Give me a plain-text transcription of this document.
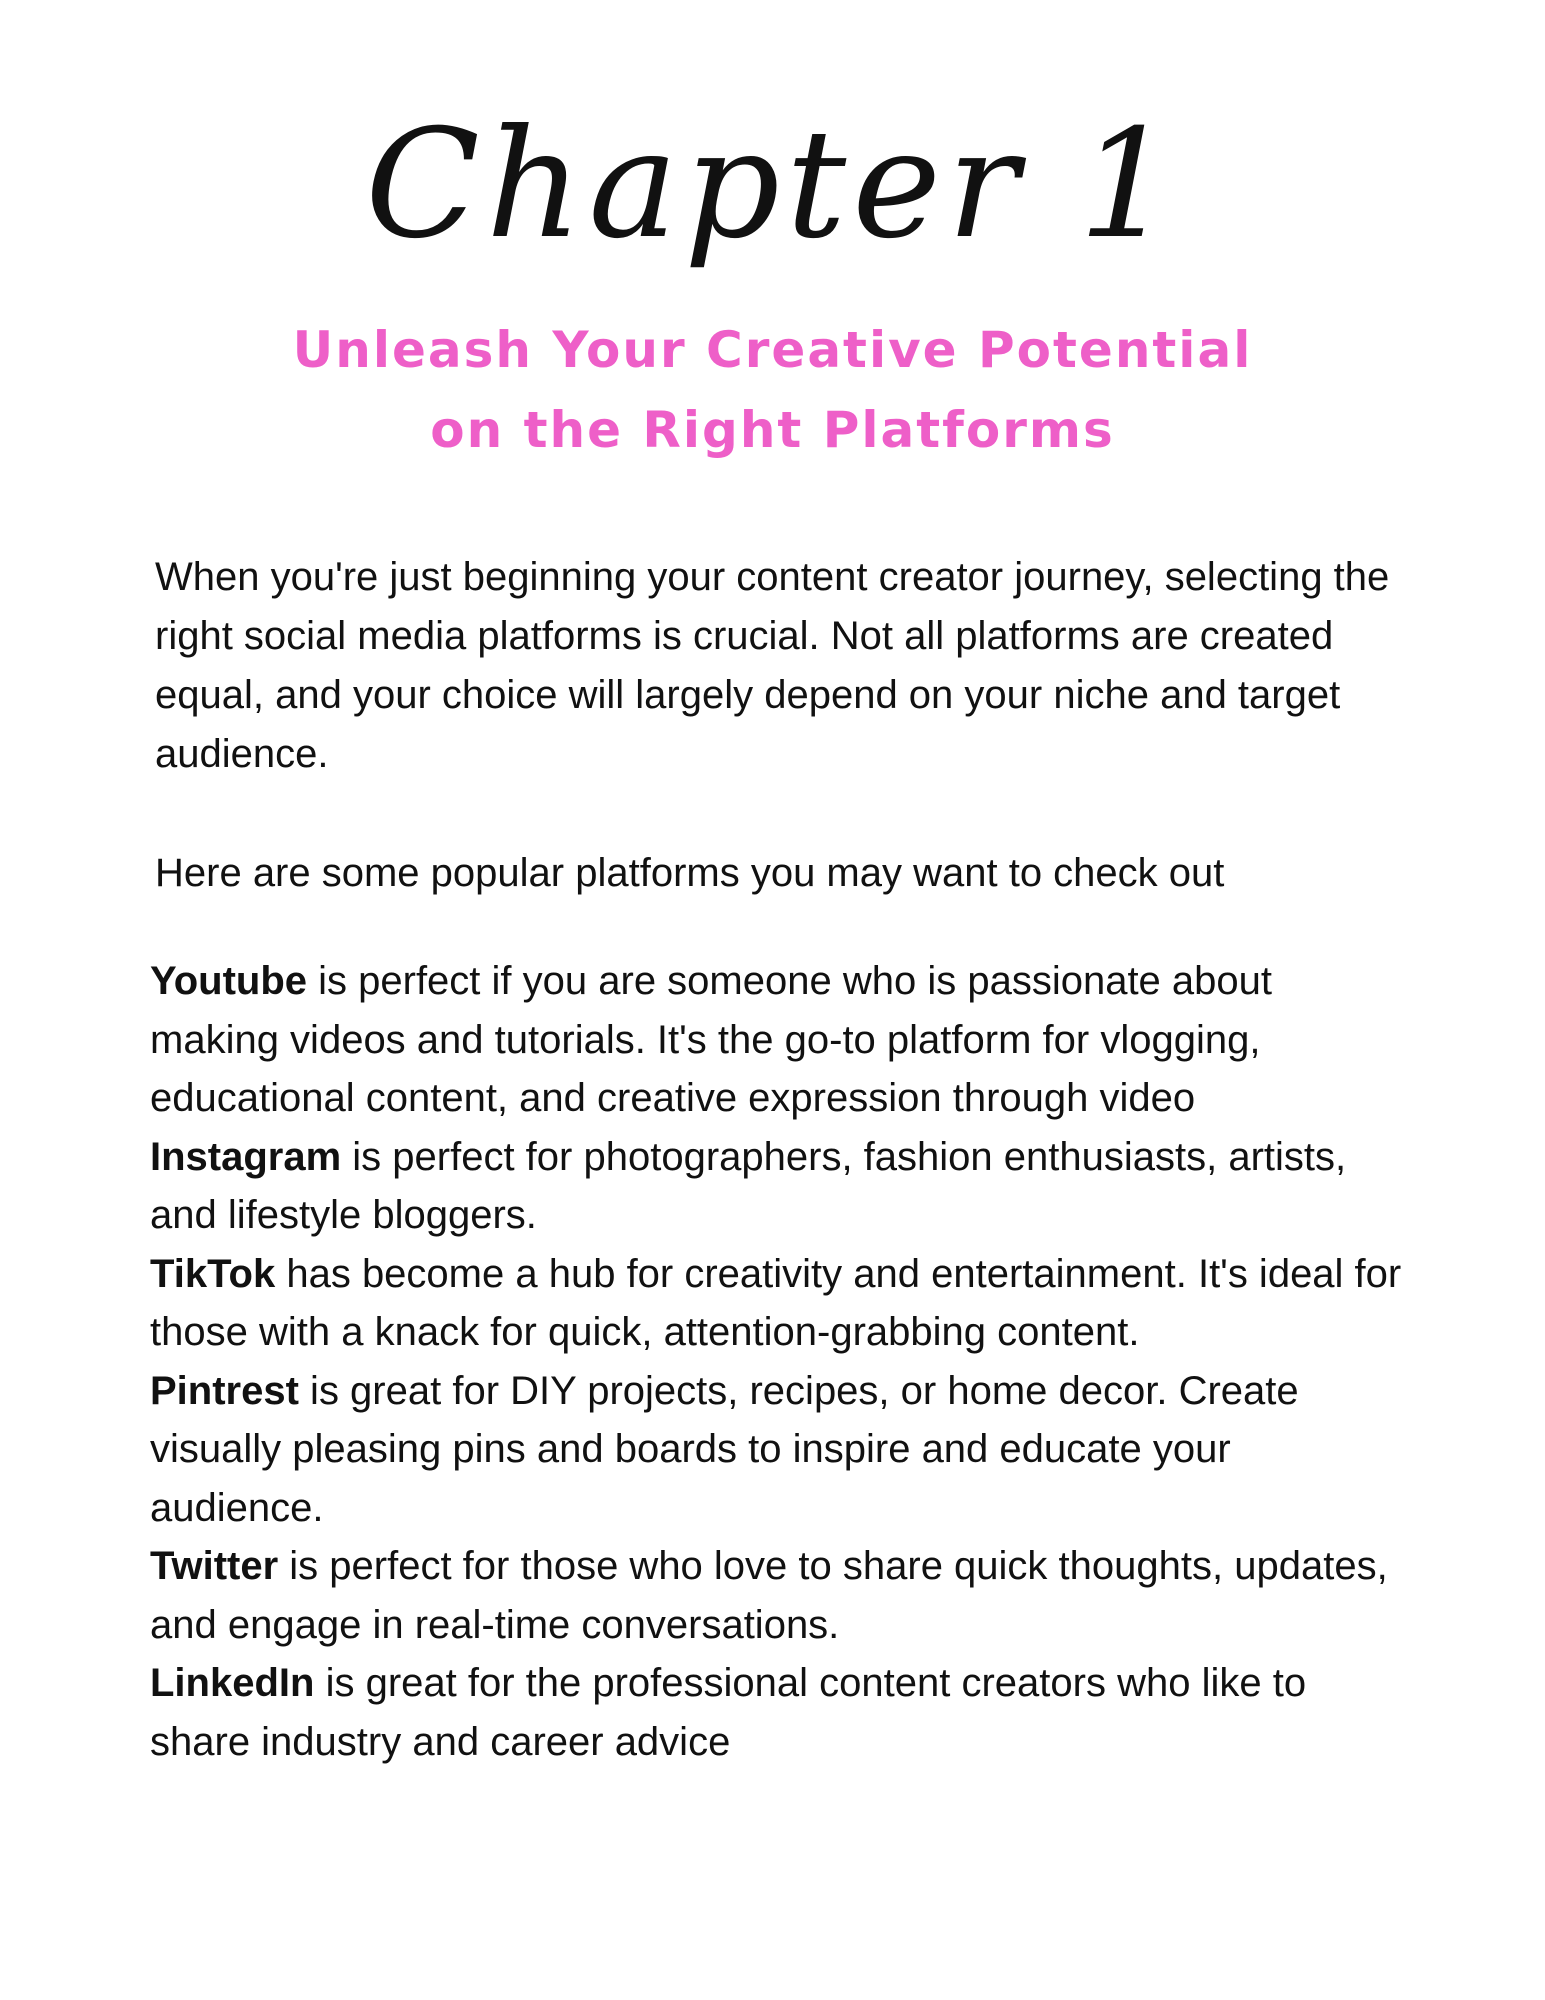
Chapter 1
Unleash Your Creative Potential
on the Right Platforms

When you're just beginning your content creator journey, selecting the right social media platforms is crucial. Not all platforms are created equal, and your choice will largely depend on your niche and target audience.

Here are some popular platforms you may want to check out

Youtube is perfect if you are someone who is passionate about making videos and tutorials. It's the go-to platform for vlogging, educational content, and creative expression through video
Instagram is perfect for photographers, fashion enthusiasts, artists, and lifestyle bloggers.
TikTok has become a hub for creativity and entertainment. It's ideal for those with a knack for quick, attention-grabbing content.
Pintrest is great for DIY projects, recipes, or home decor. Create visually pleasing pins and boards to inspire and educate your audience.
Twitter is perfect for those who love to share quick thoughts, updates, and engage in real-time conversations.
LinkedIn is great for the professional content creators who like to share industry and career advice
